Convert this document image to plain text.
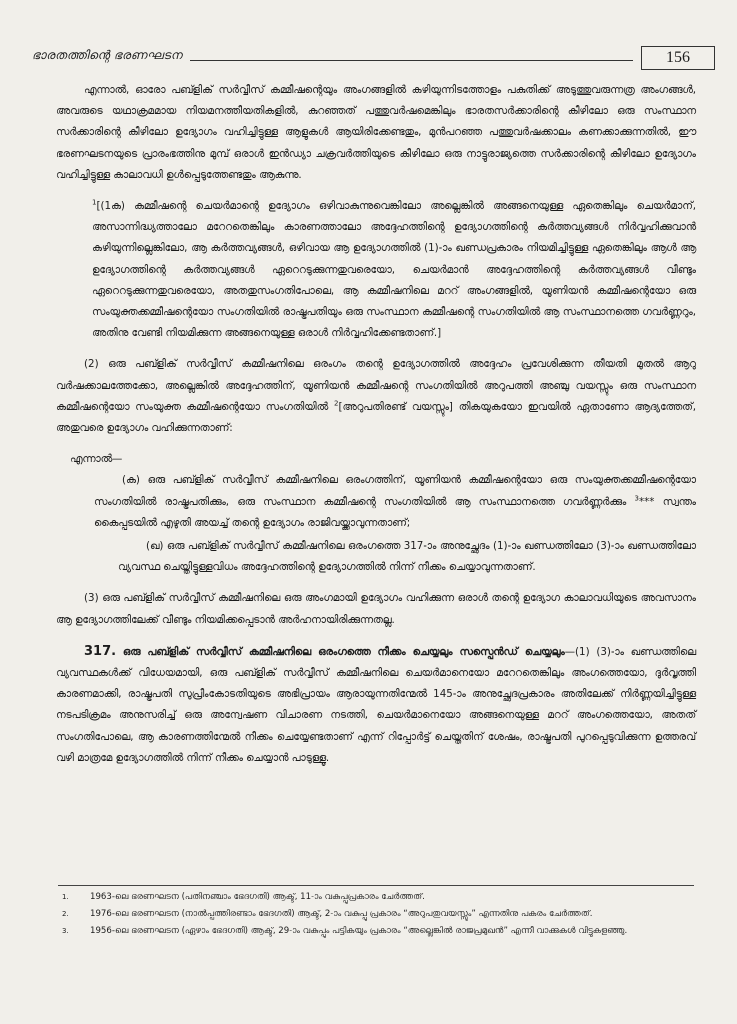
ഭാരതത്തിന്റെ ഭരണഘടന	156

എന്നാൽ, ഓരോ പബ്ളിക് സർവ്വീസ് കമ്മീഷന്റെയും അംഗങ്ങളിൽ കഴിയുന്നിടത്തോളം പകുതിക്ക് അടുത്തുവരുന്നത്ര അംഗങ്ങൾ, അവരുടെ യഥാക്രമമായ നിയമനത്തീയതികളിൽ, കുറഞ്ഞത് പത്തുവർഷമെങ്കിലും ഭാരതസർക്കാരിന്റെ കീഴിലോ ഒരു സംസ്ഥാന സർക്കാരിന്റെ കീഴിലോ ഉദ്യോഗം വഹിച്ചിട്ടുള്ള ആളുകൾ ആയിരിക്കേണ്ടതും, മുൻപറഞ്ഞ പത്തുവർഷക്കാലം കണക്കാക്കുന്നതിൽ, ഈ ഭരണഘടനയുടെ പ്രാരംഭത്തിനു മുമ്പ് ഒരാൾ ഇൻഡ്യാ ചക്രവർത്തിയുടെ കീഴിലോ ഒരു നാട്ടുരാജ്യത്തെ സർക്കാരിന്റെ കീഴിലോ ഉദ്യോഗം വഹിച്ചിട്ടുള്ള കാലാവധി ഉൾപ്പെടുത്തേണ്ടതും ആകുന്നു.

$^1$[(1ക) കമ്മീഷന്റെ ചെയർമാന്റെ ഉദ്യോഗം ഒഴിവാകുന്നുവെങ്കിലോ അല്ലെങ്കിൽ അങ്ങനെയുള്ള ഏതെങ്കിലും ചെയർമാന്, അസാന്നിദ്ധ്യത്താലോ മറേറതെങ്കിലും കാരണത്താലോ അദ്ദേഹത്തിന്റെ ഉദ്യോഗത്തിന്റെ കർത്തവ്യങ്ങൾ നിർവ്വഹിക്കുവാൻ കഴിയുന്നില്ലെങ്കിലോ, ആ കർത്തവ്യങ്ങൾ, ഒഴിവായ ആ ഉദ്യോഗത്തിൽ (1)-ാം ഖണ്ഡപ്രകാരം നിയമിച്ചിട്ടുള്ള ഏതെങ്കിലും ആൾ ആ ഉദ്യോഗത്തിന്റെ കർത്തവ്യങ്ങൾ ഏറെറടുക്കുന്നതുവരെയോ, ചെയർമാൻ അദ്ദേഹത്തിന്റെ കർത്തവ്യങ്ങൾ വീണ്ടും ഏറെറടുക്കുന്നതുവരെയോ, അതതുസംഗതിപോലെ, ആ കമ്മീഷനിലെ മററ് അംഗങ്ങളിൽ, യൂണിയൻ കമ്മീഷന്റെയോ ഒരു സംയുക്തക്കമ്മീഷന്റെയോ സംഗതിയിൽ രാഷ്ട്രപതിയും ഒരു സംസ്ഥാന കമ്മീഷന്റെ സംഗതിയിൽ ആ സംസ്ഥാനത്തെ ഗവർണ്ണറും, അതിനു വേണ്ടി നിയമിക്കുന്ന അങ്ങനെയുള്ള ഒരാൾ നിർവ്വഹിക്കേണ്ടതാണ്.]

(2) ഒരു പബ്ളിക് സർവ്വീസ് കമ്മീഷനിലെ ഒരംഗം തന്റെ ഉദ്യോഗത്തിൽ അദ്ദേഹം പ്രവേശിക്കുന്ന തീയതി മുതൽ ആറു വർഷക്കാലത്തേക്കോ, അല്ലെങ്കിൽ അദ്ദേഹത്തിന്, യൂണിയൻ കമ്മീഷന്റെ സംഗതിയിൽ അറുപത്തി അഞ്ചു വയസ്സും ഒരു സംസ്ഥാന കമ്മീഷന്റെയോ സംയുക്ത കമ്മീഷന്റെയോ സംഗതിയിൽ $^2$[അറുപതിരണ്ട് വയസ്സും] തികയുകയോ ഇവയിൽ ഏതാണോ ആദ്യത്തേത്, അതുവരെ ഉദ്യോഗം വഹിക്കുന്നതാണ്:

എന്നാൽ—

(ക) ഒരു പബ്ളിക് സർവ്വീസ് കമ്മീഷനിലെ ഒരംഗത്തിന്, യൂണിയൻ കമ്മീഷന്റെയോ ഒരു സംയുക്തക്കമ്മീഷന്റെയോ സംഗതിയിൽ രാഷ്ട്രപതിക്കും, ഒരു സംസ്ഥാന കമ്മീഷന്റെ സംഗതിയിൽ ആ സംസ്ഥാനത്തെ ഗവർണ്ണർക്കും $^3$*** സ്വന്തം കൈപ്പടയിൽ എഴുതി അയച്ച് തന്റെ ഉദ്യോഗം രാജിവയ്ക്കാവുന്നതാണ്;

(ഖ) ഒരു പബ്ളിക് സർവ്വീസ് കമ്മീഷനിലെ ഒരംഗത്തെ 317-ാം അനുച്ഛേദം (1)-ാം ഖണ്ഡത്തിലോ (3)-ാം ഖണ്ഡത്തിലോ വ്യവസ്ഥ ചെയ്തിട്ടുള്ളവിധം അദ്ദേഹത്തിന്റെ ഉദ്യോഗത്തിൽ നിന്ന് നീക്കം ചെയ്യാവുന്നതാണ്.

(3) ഒരു പബ്ളിക് സർവ്വീസ് കമ്മീഷനിലെ ഒരു അംഗമായി ഉദ്യോഗം വഹിക്കുന്ന ഒരാൾ തന്റെ ഉദ്യോഗ കാലാവധിയുടെ അവസാനം ആ ഉദ്യോഗത്തിലേക്ക് വീണ്ടും നിയമിക്കപ്പെടാൻ അർഹനായിരിക്കുന്നതല്ല.

317. ഒരു പബ്ളിക് സർവ്വീസ് കമ്മീഷനിലെ ഒരംഗത്തെ നീക്കം ചെയ്യലും സസ്പെൻഡ് ചെയ്യലും—(1) (3)-ാം ഖണ്ഡത്തിലെ വ്യവസ്ഥകൾക്ക് വിധേയമായി, ഒരു പബ്ളിക് സർവ്വീസ് കമ്മീഷനിലെ ചെയർമാനെയോ മറേറതെങ്കിലും അംഗത്തെയോ, ദുർവൃത്തി കാരണമാക്കി, രാഷ്ട്രപതി സുപ്രീംകോടതിയുടെ അഭിപ്രായം ആരായുന്നതിന്മേൽ 145-ാം അനുച്ഛേദപ്രകാരം അതിലേക്ക് നിർണ്ണയിച്ചിട്ടുള്ള നടപടിക്രമം അനുസരിച്ച് ഒരു അന്വേഷണ വിചാരണ നടത്തി, ചെയർമാനെയോ അങ്ങനെയുള്ള മററ് അംഗത്തെയോ, അതത് സംഗതിപോലെ, ആ കാരണത്തിന്മേൽ നീക്കം ചെയ്യേണ്ടതാണ് എന്ന് റിപ്പോർട്ട് ചെയ്തതിന് ശേഷം, രാഷ്ട്രപതി പുറപ്പെടുവിക്കുന്ന ഉത്തരവ് വഴി മാത്രമേ ഉദ്യോഗത്തിൽ നിന്ന് നീക്കം ചെയ്യാൻ പാടുള്ളൂ.

1.	1963-ലെ ഭരണഘടന (പതിനഞ്ചാം ഭേദഗതി) ആക്ട്, 11-ാം വകുപ്പുപ്രകാരം ചേർത്തത്.
2.	1976-ലെ ഭരണഘടന (നാൽപ്പത്തിരണ്ടാം ഭേദഗതി) ആക്ട്, 2-ാം വകുപ്പു പ്രകാരം “അറുപതുവയസ്സും” എന്നതിനു പകരം ചേർത്തത്.
3.	1956-ലെ ഭരണഘടന (ഏഴാം ഭേദഗതി) ആക്ട്, 29-ാം വകുപ്പും പട്ടികയും പ്രകാരം “അല്ലെങ്കിൽ രാജപ്രമുഖൻ” എന്നീ വാക്കുകൾ വിട്ടുകളഞ്ഞു.
